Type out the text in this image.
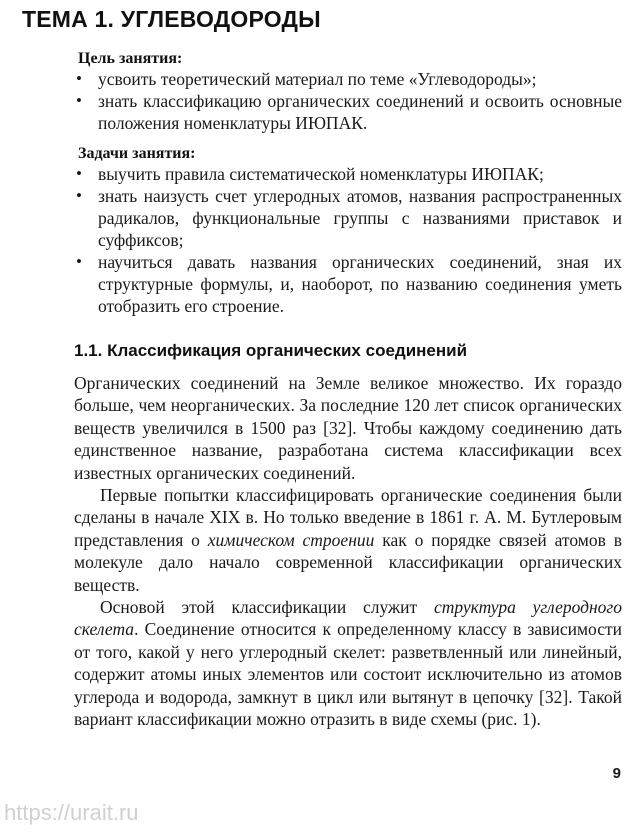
ТЕМА 1. УГЛЕВОДОРОДЫ

Цель занятия:

• усвоить теоретический материал по теме «Углеводороды»;
• знать классификацию органических соединений и освоить основные положения номенклатуры ИЮПАК.

Задачи занятия:

• выучить правила систематической номенклатуры ИЮПАК;
• знать наизусть счет углеродных атомов, названия распространенных радикалов, функциональные группы с названиями приставок и суффиксов;
• научиться давать названия органических соединений, зная их структурные формулы, и, наоборот, по названию соединения уметь отобразить его строение.
1.1. Классификация органических соединений

Органических соединений на Земле великое множество. Их гораздо больше, чем неорганических. За последние 120 лет список органических веществ увеличился в 1500 раз [32]. Чтобы каждому соединению дать единственное название, разработана система классификации всех известных органических соединений.

Первые попытки классифицировать органические соединения были сделаны в начале XIX в. Но только введение в 1861 г. А. М. Бутлеровым представления о химическом строении как о порядке связей атомов в молекуле дало начало современной классификации органических веществ.

Основой этой классификации служит структура углеродного скелета. Соединение относится к определенному классу в зависимости от того, какой у него углеродный скелет: разветвленный или линейный, содержит атомы иных элементов или состоит исключительно из атомов углерода и водорода, замкнут в цикл или вытянут в цепочку [32]. Такой вариант классификации можно отразить в виде схемы (рис. 1).

9

https://urait.ru
